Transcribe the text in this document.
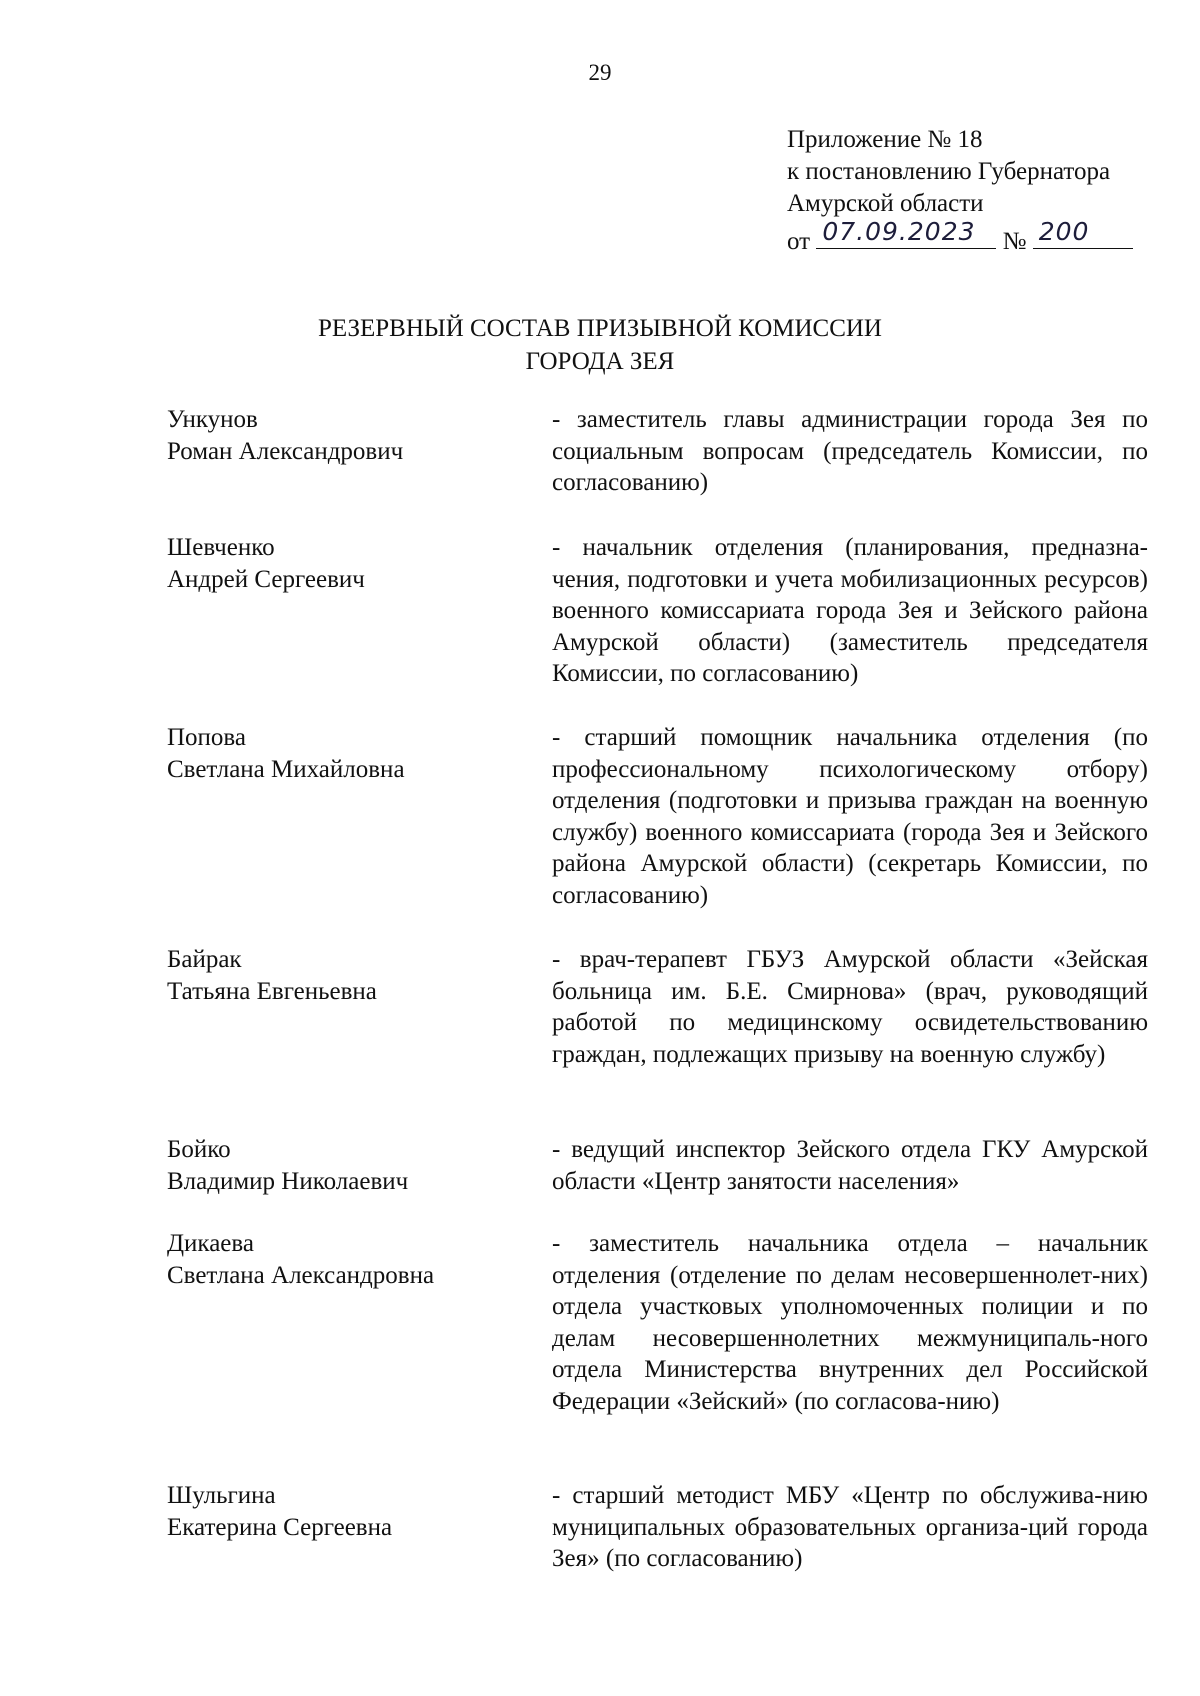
29
Приложение № 18
к постановлению Губернатора
Амурской области
от 07.09.2023 № 200
РЕЗЕРВНЫЙ СОСТАВ ПРИЗЫВНОЙ КОМИССИИ
ГОРОДА ЗЕЯ
Ункунов
Роман Александрович
- заместитель главы администрации города Зея по социальным вопросам (председатель Комиссии, по согласованию)
Шевченко
Андрей Сергеевич
- начальник отделения (планирования, предназна-чения, подготовки и учета мобилизационных ресурсов) военного комиссариата города Зея и Зейского района Амурской области) (заместитель председателя Комиссии, по согласованию)
Попова
Светлана Михайловна
- старший помощник начальника отделения (по профессиональному психологическому отбору) отделения (подготовки и призыва граждан на военную службу) военного комиссариата (города Зея и Зейского района Амурской области) (секретарь Комиссии, по согласованию)
Байрак
Татьяна Евгеньевна
- врач-терапевт ГБУЗ Амурской области «Зейская больница им. Б.Е. Смирнова» (врач, руководящий работой по медицинскому освидетельствованию граждан, подлежащих призыву на военную службу)
Бойко
Владимир Николаевич
- ведущий инспектор Зейского отдела ГКУ Амурской области «Центр занятости населения»
Дикаева
Светлана Александровна
- заместитель начальника отдела – начальник отделения (отделение по делам несовершеннолет-них) отдела участковых уполномоченных полиции и по делам несовершеннолетних межмуниципаль-ного отдела Министерства внутренних дел Российской Федерации «Зейский» (по согласова-нию)
Шульгина
Екатерина Сергеевна
- старший методист МБУ «Центр по обслужива-нию муниципальных образовательных организа-ций города Зея» (по согласованию)
